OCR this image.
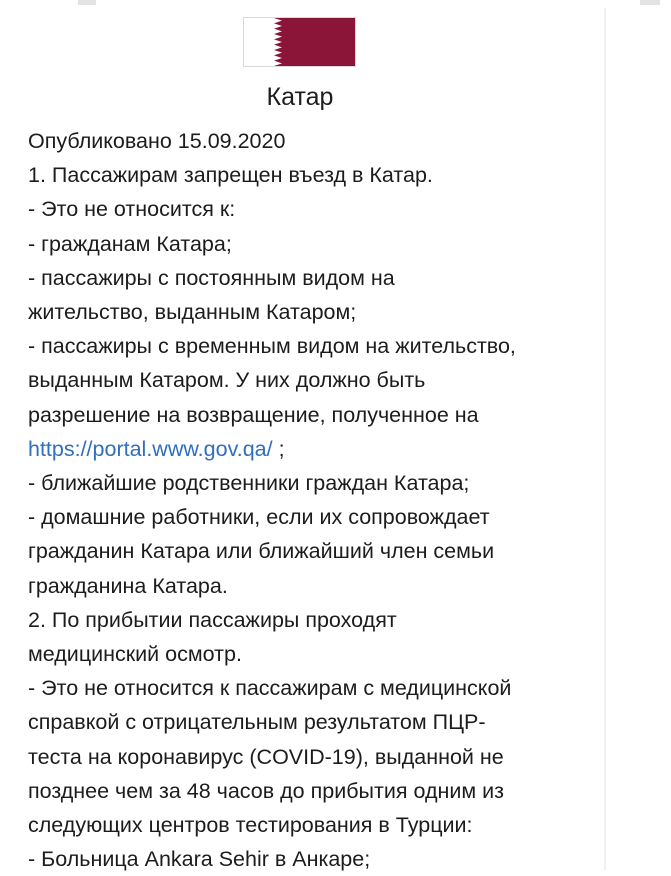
Катар
Опубликовано 15.09.2020
1. Пассажирам запрещен въезд в Катар.
- Это не относится к:
- гражданам Катара;
- пассажиры с постоянным видом на
жительство, выданным Катаром;
- пассажиры с временным видом на жительство,
выданным Катаром. У них должно быть
разрешение на возвращение, полученное на
https://portal.www.gov.qa/ ;
- ближайшие родственники граждан Катара;
- домашние работники, если их сопровождает
гражданин Катара или ближайший член семьи
гражданина Катара.
2. По прибытии пассажиры проходят
медицинский осмотр.
- Это не относится к пассажирам с медицинской
справкой с отрицательным результатом ПЦР-
теста на коронавирус (COVID-19), выданной не
позднее чем за 48 часов до прибытия одним из
следующих центров тестирования в Турции:
- Больница Ankara Sehir в Анкаре;
